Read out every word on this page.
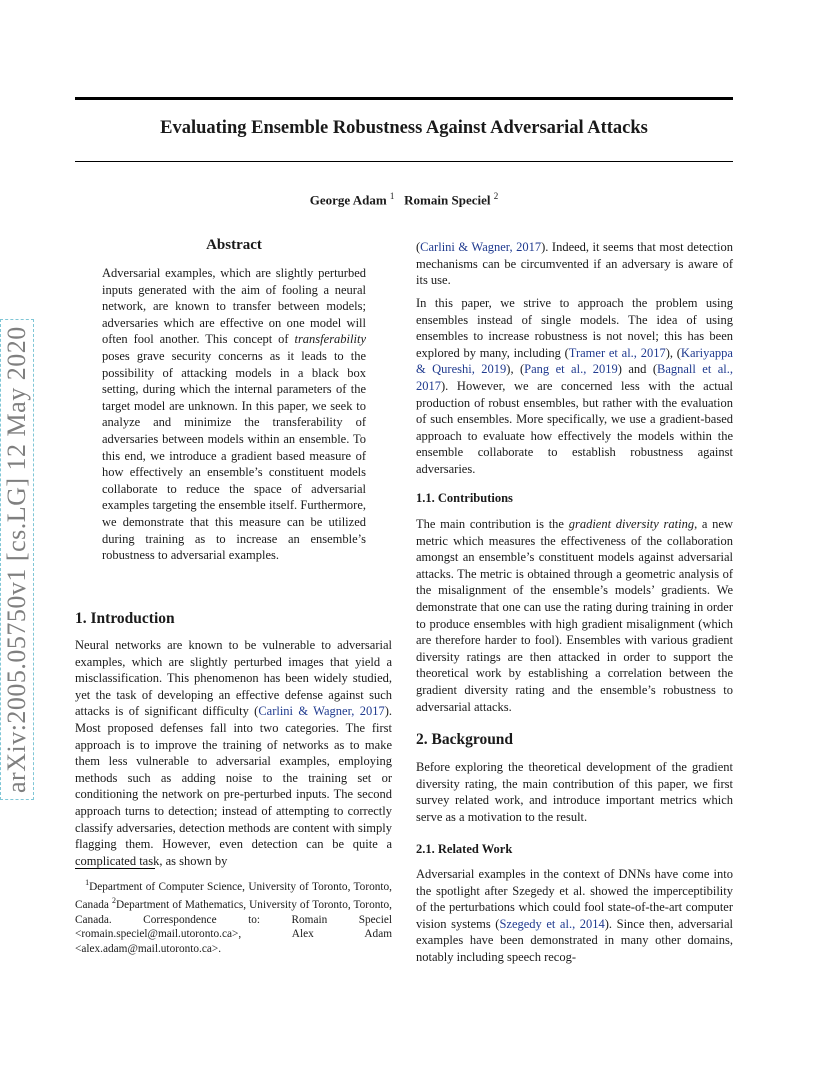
arXiv:2005.05750v1 [cs.LG] 12 May 2020
Evaluating Ensemble Robustness Against Adversarial Attacks
George Adam $^1$ Romain Speciel $^2$
Abstract
Adversarial examples, which are slightly perturbed inputs generated with the aim of fooling a neural network, are known to transfer between models; adversaries which are effective on one model will often fool another. This concept of transferability poses grave security concerns as it leads to the possibility of attacking models in a black box setting, during which the internal parameters of the target model are unknown. In this paper, we seek to analyze and minimize the transferability of adversaries between models within an ensemble. To this end, we introduce a gradient based measure of how effectively an ensemble’s constituent models collaborate to reduce the space of adversarial examples targeting the ensemble itself. Furthermore, we demonstrate that this measure can be utilized during training as to increase an ensemble’s robustness to adversarial examples.
1. Introduction
Neural networks are known to be vulnerable to adversarial examples, which are slightly perturbed images that yield a misclassification. This phenomenon has been widely studied, yet the task of developing an effective defense against such attacks is of significant difficulty (Carlini & Wagner, 2017). Most proposed defenses fall into two categories. The first approach is to improve the training of networks as to make them less vulnerable to adversarial examples, employing methods such as adding noise to the training set or conditioning the network on pre-perturbed inputs. The second approach turns to detection; instead of attempting to correctly classify adversaries, detection methods are content with simply flagging them. However, even detection can be quite a complicated task, as shown by
$^1$Department of Computer Science, University of Toronto, Toronto, Canada $^2$Department of Mathematics, University of Toronto, Toronto, Canada. Correspondence to: Romain Speciel <romain.speciel@mail.utoronto.ca>, Alex Adam <alex.adam@mail.utoronto.ca>.
(Carlini & Wagner, 2017). Indeed, it seems that most detection mechanisms can be circumvented if an adversary is aware of its use.
In this paper, we strive to approach the problem using ensembles instead of single models. The idea of using ensembles to increase robustness is not novel; this has been explored by many, including (Tramer et al., 2017), (Kariyappa & Qureshi, 2019), (Pang et al., 2019) and (Bagnall et al., 2017). However, we are concerned less with the actual production of robust ensembles, but rather with the evaluation of such ensembles. More specifically, we use a gradient-based approach to evaluate how effectively the models within the ensemble collaborate to establish robustness against adversaries.
1.1. Contributions
The main contribution is the gradient diversity rating, a new metric which measures the effectiveness of the collaboration amongst an ensemble’s constituent models against adversarial attacks. The metric is obtained through a geometric analysis of the misalignment of the ensemble’s models’ gradients. We demonstrate that one can use the rating during training in order to produce ensembles with high gradient misalignment (which are therefore harder to fool). Ensembles with various gradient diversity ratings are then attacked in order to support the theoretical work by establishing a correlation between the gradient diversity rating and the ensemble’s robustness to adversarial attacks.
2. Background
Before exploring the theoretical development of the gradient diversity rating, the main contribution of this paper, we first survey related work, and introduce important metrics which serve as a motivation to the result.
2.1. Related Work
Adversarial examples in the context of DNNs have come into the spotlight after Szegedy et al. showed the imperceptibility of the perturbations which could fool state-of-the-art computer vision systems (Szegedy et al., 2014). Since then, adversarial examples have been demonstrated in many other domains, notably including speech recog-
